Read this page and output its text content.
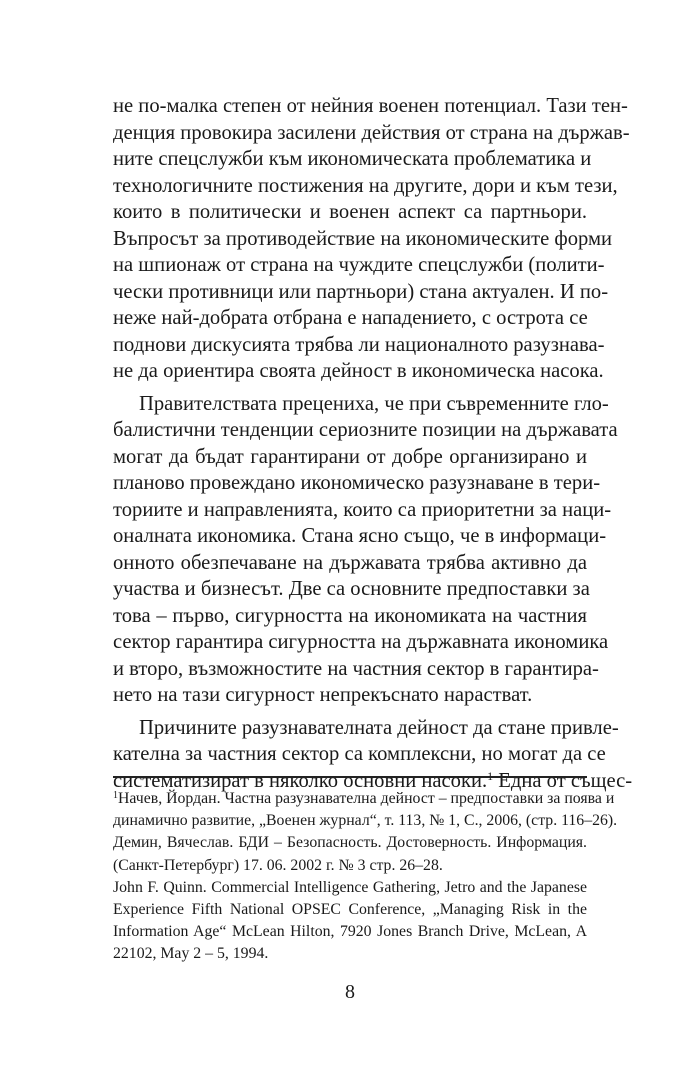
не по-малка степен от нейния военен потенциал. Тази тен-
денция провокира засилени действия от страна на държав-
ните спецслужби към икономическата проблематика и
технологичните постижения на другите, дори и към тези,
които в политически и военен аспект са партньори.
Въпросът за противодействие на икономическите форми
на шпионаж от страна на чуждите спецслужби (полити-
чески противници или партньори) стана актуален. И по-
неже най-добрата отбрана е нападението, с острота се
поднови дискусията трябва ли националното разузнава-
не да ориентира своята дейност в икономическа насока.
Правителствата прецениха, че при съвременните гло-
балистични тенденции сериозните позиции на държавата
могат да бъдат гарантирани от добре организирано и
планово провеждано икономическо разузнаване в тери-
ториите и направленията, които са приоритетни за наци-
оналната икономика. Стана ясно също, че в информаци-
онното обезпечаване на държавата трябва активно да
участва и бизнесът. Две са основните предпоставки за
това – първо, сигурността на икономиката на частния
сектор гарантира сигурността на държавната икономика
и второ, възможностите на частния сектор в гарантира-
нето на тази сигурност непрекъснато нарастват.
Причините разузнавателната дейност да стане привле-
кателна за частния сектор са комплексни, но могат да се
систематизират в няколко основни насоки.$^1$ Една от същес-
$^1$Начев, Йордан. Частна разузнавателна дейност – предпоставки за поява и
динамично развитие, „Военен журнал“, т. 113, № 1, С., 2006, (стр. 116–26).
Демин, Вячеслав. БДИ – Безопасность. Достоверность. Информация.
(Санкт-Петербург) 17. 06. 2002 г. № 3 стр. 26–28.
John F. Quinn. Commercial Intelligence Gathering, Jetro and the Japanese
Experience Fifth National OPSEC Conference, „Managing Risk in the
Information Age“ McLean Hilton, 7920 Jones Branch Drive, McLean, A
22102, May 2 – 5, 1994.
8
